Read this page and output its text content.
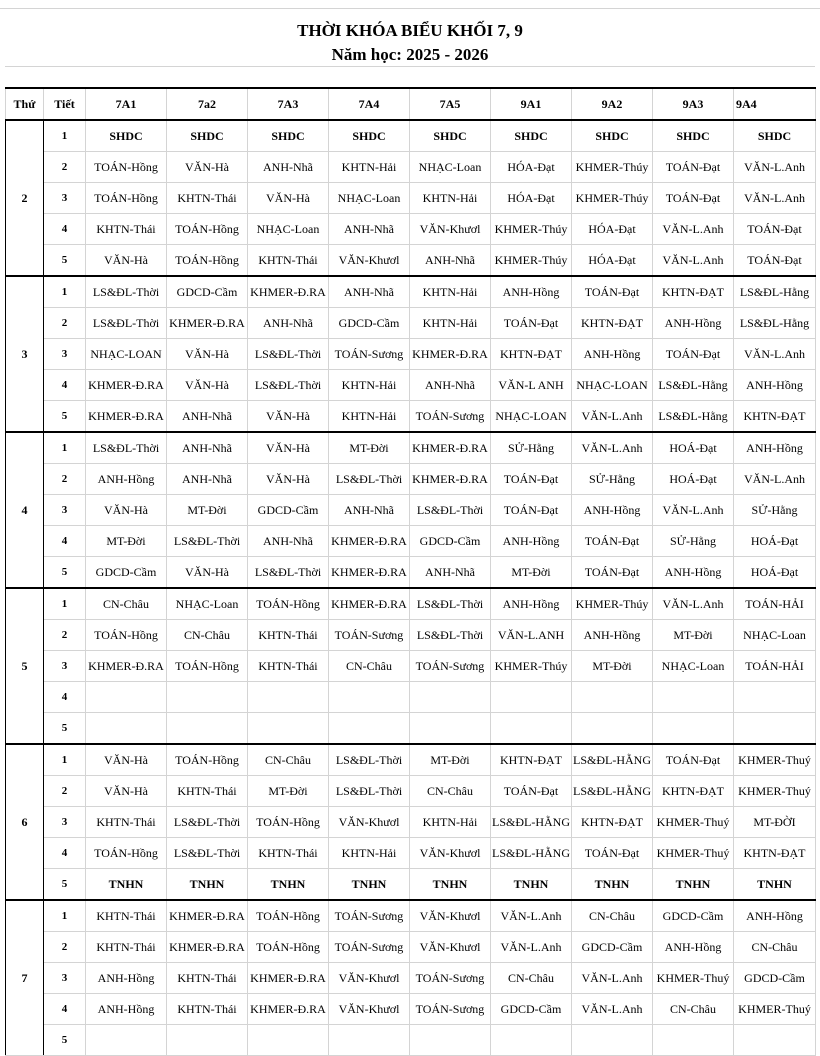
THỜI KHÓA BIỂU KHỐI 7, 9
Năm học: 2025 - 2026
Thứ	Tiết	7A1	7a2	7A3	7A4	7A5	9A1	9A2	9A3	9A4
2	1	SHDC	SHDC	SHDC	SHDC	SHDC	SHDC	SHDC	SHDC	SHDC
	2	TOÁN-Hồng	VĂN-Hà	ANH-Nhã	KHTN-Hải	NHẠC-Loan	HÓA-Đạt	KHMER-Thúy	TOÁN-Đạt	VĂN-L.Anh
	3	TOÁN-Hồng	KHTN-Thái	VĂN-Hà	NHẠC-Loan	KHTN-Hải	HÓA-Đạt	KHMER-Thúy	TOÁN-Đạt	VĂN-L.Anh
	4	KHTN-Thái	TOÁN-Hồng	NHẠC-Loan	ANH-Nhã	VĂN-Khươl	KHMER-Thúy	HÓA-Đạt	VĂN-L.Anh	TOÁN-Đạt
	5	VĂN-Hà	TOÁN-Hồng	KHTN-Thái	VĂN-Khươl	ANH-Nhã	KHMER-Thúy	HÓA-Đạt	VĂN-L.Anh	TOÁN-Đạt
3	1	LS&ĐL-Thời	GDCD-Cầm	KHMER-Đ.RA	ANH-Nhã	KHTN-Hải	ANH-Hồng	TOÁN-Đạt	KHTN-ĐẠT	LS&ĐL-Hằng
	2	LS&ĐL-Thời	KHMER-Đ.RA	ANH-Nhã	GDCD-Cầm	KHTN-Hải	TOÁN-Đạt	KHTN-ĐẠT	ANH-Hồng	LS&ĐL-Hằng
	3	NHẠC-LOAN	VĂN-Hà	LS&ĐL-Thời	TOÁN-Sương	KHMER-Đ.RA	KHTN-ĐẠT	ANH-Hồng	TOÁN-Đạt	VĂN-L.Anh
	4	KHMER-Đ.RA	VĂN-Hà	LS&ĐL-Thời	KHTN-Hải	ANH-Nhã	VĂN-L ANH	NHẠC-LOAN	LS&ĐL-Hằng	ANH-Hồng
	5	KHMER-Đ.RA	ANH-Nhã	VĂN-Hà	KHTN-Hải	TOÁN-Sương	NHẠC-LOAN	VĂN-L.Anh	LS&ĐL-Hằng	KHTN-ĐẠT
4	1	LS&ĐL-Thời	ANH-Nhã	VĂN-Hà	MT-Đời	KHMER-Đ.RA	SỬ-Hằng	VĂN-L.Anh	HOÁ-Đạt	ANH-Hồng
	2	ANH-Hồng	ANH-Nhã	VĂN-Hà	LS&ĐL-Thời	KHMER-Đ.RA	TOÁN-Đạt	SỬ-Hằng	HOÁ-Đạt	VĂN-L.Anh
	3	VĂN-Hà	MT-Đời	GDCD-Cầm	ANH-Nhã	LS&ĐL-Thời	TOÁN-Đạt	ANH-Hồng	VĂN-L.Anh	SỬ-Hằng
	4	MT-Đời	LS&ĐL-Thời	ANH-Nhã	KHMER-Đ.RA	GDCD-Cầm	ANH-Hồng	TOÁN-Đạt	SỬ-Hằng	HOÁ-Đạt
	5	GDCD-Cầm	VĂN-Hà	LS&ĐL-Thời	KHMER-Đ.RA	ANH-Nhã	MT-Đời	TOÁN-Đạt	ANH-Hồng	HOÁ-Đạt
5	1	CN-Châu	NHẠC-Loan	TOÁN-Hồng	KHMER-Đ.RA	LS&ĐL-Thời	ANH-Hồng	KHMER-Thúy	VĂN-L.Anh	TOÁN-HẢI
	2	TOÁN-Hồng	CN-Châu	KHTN-Thái	TOÁN-Sương	LS&ĐL-Thời	VĂN-L.ANH	ANH-Hồng	MT-Đời	NHẠC-Loan
	3	KHMER-Đ.RA	TOÁN-Hồng	KHTN-Thái	CN-Châu	TOÁN-Sương	KHMER-Thúy	MT-Đời	NHẠC-Loan	TOÁN-HẢI
	4									
	5									
6	1	VĂN-Hà	TOÁN-Hồng	CN-Châu	LS&ĐL-Thời	MT-Đời	KHTN-ĐẠT	LS&ĐL-HẰNG	TOÁN-Đạt	KHMER-Thuý
	2	VĂN-Hà	KHTN-Thái	MT-Đời	LS&ĐL-Thời	CN-Châu	TOÁN-Đạt	LS&ĐL-HẰNG	KHTN-ĐẠT	KHMER-Thuý
	3	KHTN-Thái	LS&ĐL-Thời	TOÁN-Hồng	VĂN-Khươl	KHTN-Hải	LS&ĐL-HẰNG	KHTN-ĐẠT	KHMER-Thuý	MT-ĐỜI
	4	TOÁN-Hồng	LS&ĐL-Thời	KHTN-Thái	KHTN-Hải	VĂN-Khươl	LS&ĐL-HẰNG	TOÁN-Đạt	KHMER-Thuý	KHTN-ĐẠT
	5	TNHN	TNHN	TNHN	TNHN	TNHN	TNHN	TNHN	TNHN	TNHN
7	1	KHTN-Thái	KHMER-Đ.RA	TOÁN-Hồng	TOÁN-Sương	VĂN-Khươl	VĂN-L.Anh	CN-Châu	GDCD-Cầm	ANH-Hồng
	2	KHTN-Thái	KHMER-Đ.RA	TOÁN-Hồng	TOÁN-Sương	VĂN-Khươl	VĂN-L.Anh	GDCD-Cầm	ANH-Hồng	CN-Châu
	3	ANH-Hồng	KHTN-Thái	KHMER-Đ.RA	VĂN-Khươl	TOÁN-Sương	CN-Châu	VĂN-L.Anh	KHMER-Thuý	GDCD-Cầm
	4	ANH-Hồng	KHTN-Thái	KHMER-Đ.RA	VĂN-Khươl	TOÁN-Sương	GDCD-Cầm	VĂN-L.Anh	CN-Châu	KHMER-Thuý
	5									
